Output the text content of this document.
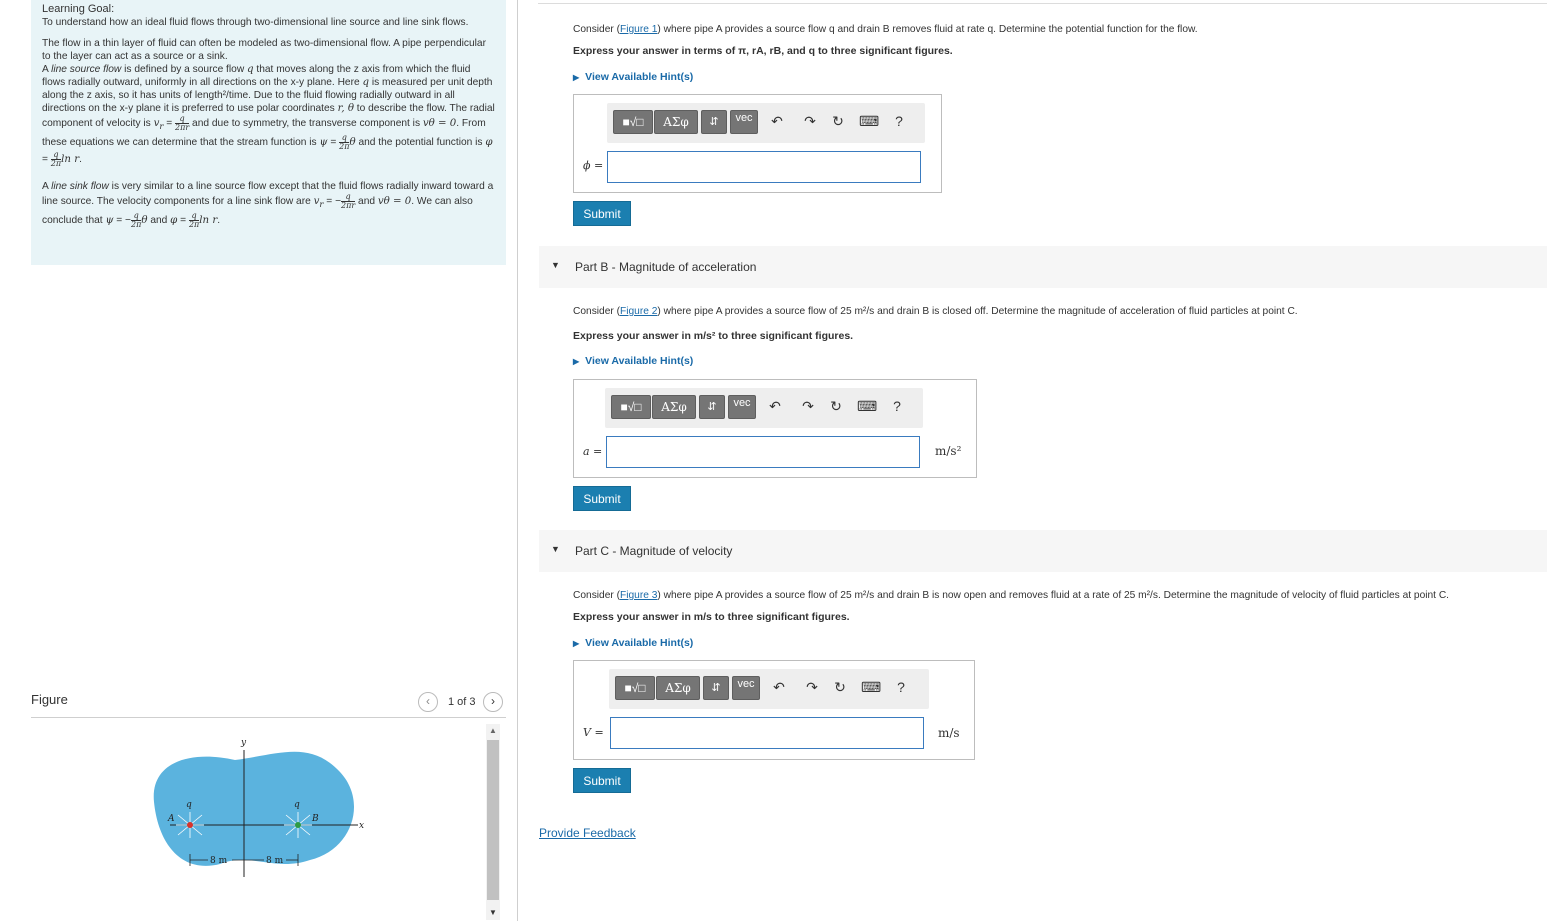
Learning Goal:

To understand how an ideal fluid flows through two-dimensional line source and line sink flows.

The flow in a thin layer of fluid can often be modeled as two-dimensional flow. A pipe perpendicular to the layer can act as a source or a sink.

A line source flow is defined by a source flow q that moves along the z axis from which the fluid flows radially outward, uniformly in all directions on the x-y plane. Here q is measured per unit depth along the z axis, so it has units of length²/time. Due to the fluid flowing radially outward in all directions on the x-y plane it is preferred to use polar coordinates r, θ to describe the flow. The radial component of velocity is $v_r = \frac{q}{2\pi r}$ and due to symmetry, the transverse component is vθ = 0. From these equations we can determine that the stream function is $\psi = \frac{q}{2\pi}$ θ and the potential function is $\varphi = \frac{q}{2\pi}$ ln r.

A line sink flow is very similar to a line source flow except that the fluid flows radially inward toward a line source. The velocity components for a line sink flow are $v_r$ = − $\frac{q}{2\pi r}$ and vθ = 0. We can also conclude that ψ = − $\frac{q}{2\pi}$ θ and $\varphi = \frac{q}{2\pi}$ ln r.

Figure	‹	1 of 3	›
y
x
A	B
q	q
8 m	8 m
▲
▼
Consider (Figure 1) where pipe A provides a source flow q and drain B removes fluid at rate q. Determine the potential function for the flow.
Express your answer in terms of π, rA, rB, and q to three significant figures.
▶ View Available Hint(s)
■√□	ΑΣφ	⇵	vec	↶ ↷ ↻ ⌨	?
ϕ =
Submit
▼ Part B - Magnitude of acceleration
Consider (Figure 2) where pipe A provides a source flow of 25 m²/s and drain B is closed off. Determine the magnitude of acceleration of fluid particles at point C.
Express your answer in m/s² to three significant figures.
▶ View Available Hint(s)
■√□	ΑΣφ	⇵	vec	↶ ↷ ↻ ⌨	?
a =	m/s²
Submit
▼ Part C - Magnitude of velocity
Consider (Figure 3) where pipe A provides a source flow of 25 m²/s and drain B is now open and removes fluid at a rate of 25 m²/s. Determine the magnitude of velocity of fluid particles at point C.
Express your answer in m/s to three significant figures.
▶ View Available Hint(s)
■√□	ΑΣφ	⇵	vec	↶ ↷ ↻ ⌨	?
V =	m/s
Submit
Provide Feedback
